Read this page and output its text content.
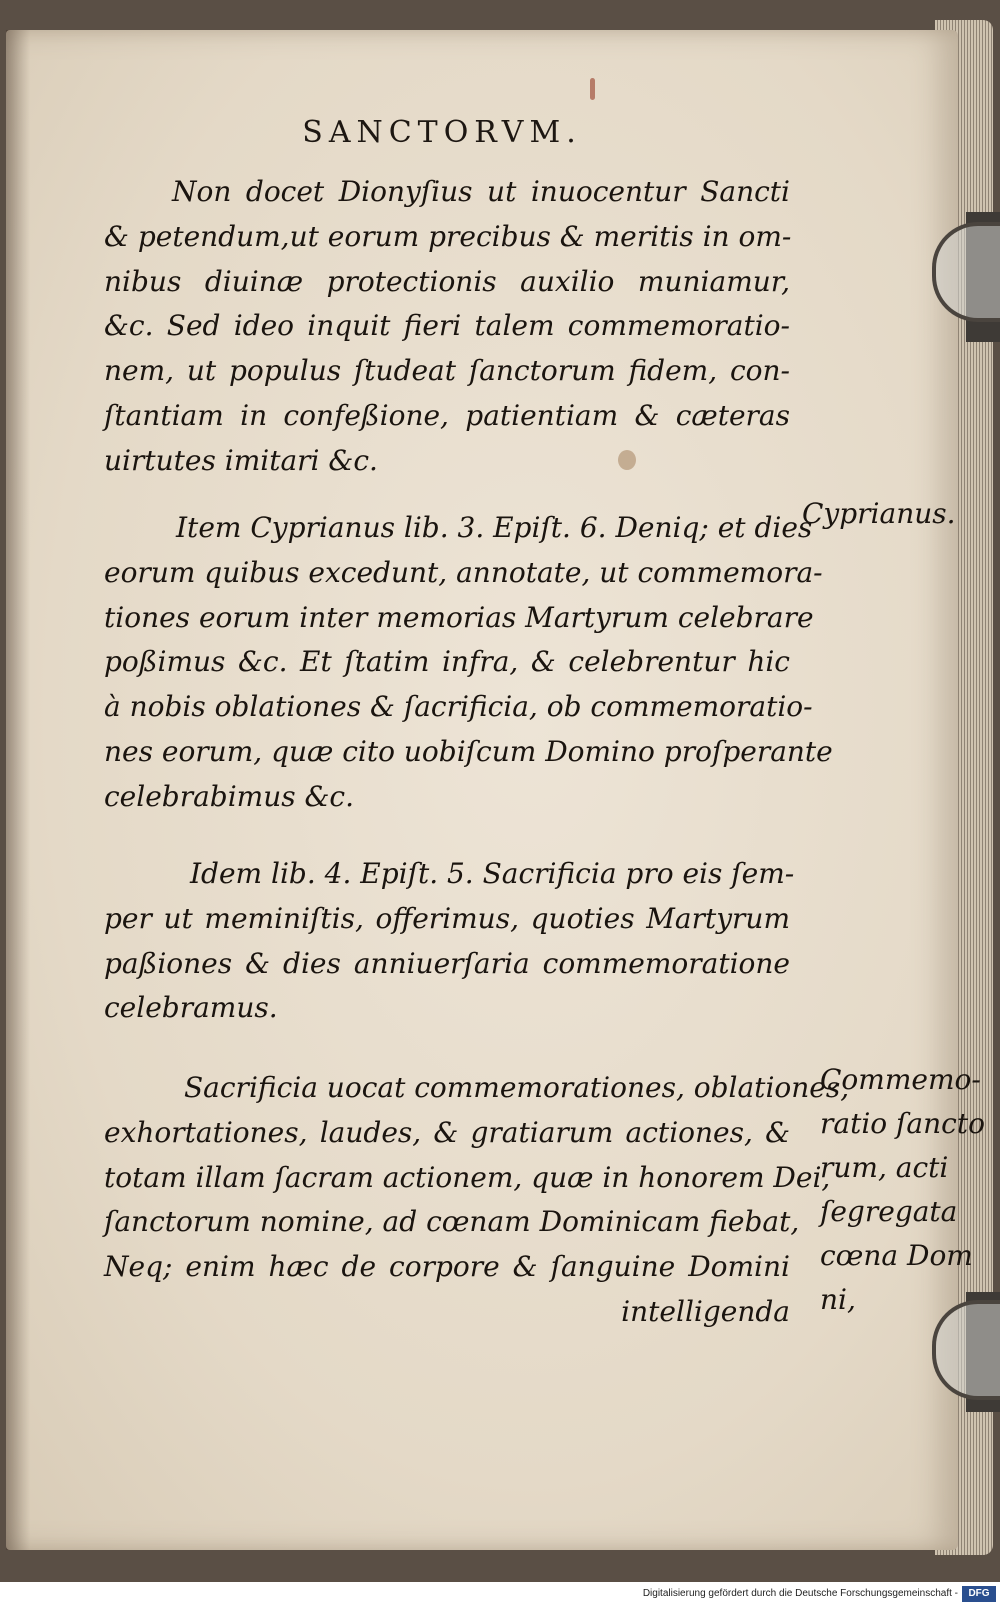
SANCTORVM.
Non docet Dionyſius ut inuocentur Sancti
& petendum,ut eorum precibus & meritis in om-
nibus diuinæ protectionis auxilio muniamur,
&c. Sed ideo inquit fieri talem commemoratio-
nem, ut populus ſtudeat ſanctorum fidem, con-
ſtantiam in confeßione, patientiam & cæteras
uirtutes imitari &c.
Item Cyprianus lib. 3. Epiſt. 6. Deniq; et dies
eorum quibus excedunt, annotate, ut commemora-
tiones eorum inter memorias Martyrum celebrare
poßimus &c. Et ſtatim infra, & celebrentur hic
à nobis oblationes & ſacrificia, ob commemoratio-
nes eorum, quæ cito uobiſcum Domino proſperante
celebrabimus &c.
Idem lib. 4. Epiſt. 5. Sacrificia pro eis ſem-
per ut meminiſtis, offerimus, quoties Martyrum
paßiones & dies anniuerſaria commemoratione
celebramus.
Sacrificia uocat commemorationes, oblationes,
exhortationes, laudes, & gratiarum actiones, &
totam illam ſacram actionem, quæ in honorem Dei,
ſanctorum nomine, ad cœnam Dominicam fiebat,
Neq; enim hæc de corpore & ſanguine Domini
intelligenda
Cyprianus.
Commemo-
ratio ſancto
rum, acti
ſegregata
cœna Dom
ni,
Digitalisierung gefördert durch die Deutsche Forschungsgemeinschaft -	DFG
